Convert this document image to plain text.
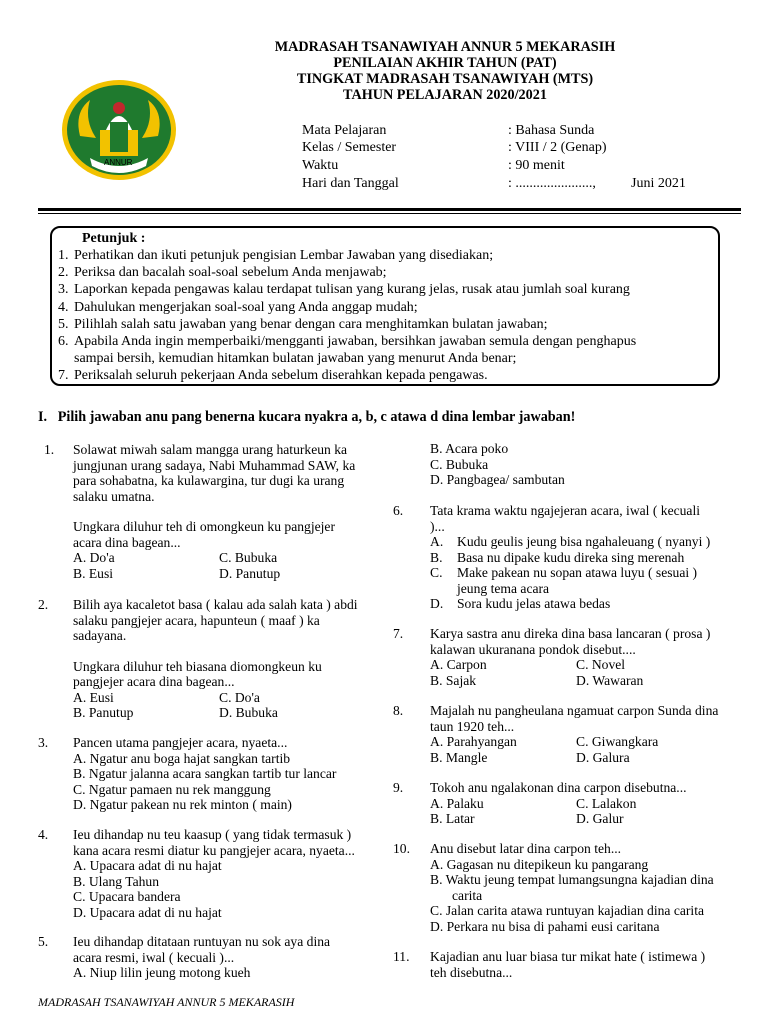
ANNUR
MADRASAH TSANAWIYAH ANNUR 5 MEKARASIH
PENILAIAN AKHIR TAHUN (PAT)
TINGKAT MADRASAH TSANAWIYAH (MTS)
TAHUN PELAJARAN 2020/2021
Mata Pelajaran	: Bahasa Sunda
Kelas / Semester	: VIII / 2 (Genap)
Waktu	: 90 menit
Hari dan Tanggal	: ......................,	Juni 2021
Petunjuk :
1. Perhatikan dan ikuti petunjuk pengisian Lembar Jawaban yang disediakan;
2. Periksa dan bacalah soal-soal sebelum Anda menjawab;
3. Laporkan kepada pengawas kalau terdapat tulisan yang kurang jelas, rusak atau jumlah soal kurang
4. Dahulukan mengerjakan soal-soal yang Anda anggap mudah;
5. Pilihlah salah satu jawaban yang benar dengan cara menghitamkan bulatan jawaban;
6. Apabila Anda ingin memperbaiki/mengganti jawaban, bersihkan jawaban semula dengan penghapus
sampai bersih, kemudian hitamkan bulatan jawaban yang menurut Anda benar;
7. Periksalah seluruh pekerjaan Anda sebelum diserahkan kepada pengawas.
I. Pilih jawaban anu pang benerna kucara nyakra a, b, c atawa d dina lembar jawaban!
1. Solawat miwah salam mangga urang haturkeun ka
jungjunan urang sadaya, Nabi Muhammad SAW, ka
para sohabatna, ka kulawargina, tur dugi ka urang
salaku umatna.
Ungkara diluhur teh di omongkeun ku pangjejer
acara dina bagean...
A. Do'a	C. Bubuka
B. Eusi	D. Panutup
2. Bilih aya kacaletot basa ( kalau ada salah kata ) abdi
salaku pangjejer acara, hapunteun ( maaf ) ka
sadayana.
Ungkara diluhur teh biasana diomongkeun ku
pangjejer acara dina bagean...
A. Eusi	C. Do'a
B. Panutup	D. Bubuka
3. Pancen utama pangjejer acara, nyaeta...
A. Ngatur anu boga hajat sangkan tartib
B. Ngatur jalanna acara sangkan tartib tur lancar
C. Ngatur pamaen nu rek manggung
D. Ngatur pakean nu rek minton ( main)
4. Ieu dihandap nu teu kaasup ( yang tidak termasuk )
kana acara resmi diatur ku pangjejer acara, nyaeta...
A. Upacara adat di nu hajat
B. Ulang Tahun
C. Upacara bandera
D. Upacara adat di nu hajat
5. Ieu dihandap ditataan runtuyan nu sok aya dina
acara resmi, iwal ( kecuali )...
A. Niup lilin jeung motong kueh
B. Acara poko
C. Bubuka
D. Pangbagea/ sambutan
6. Tata krama waktu ngajejeran acara, iwal ( kecuali
)...
A.	Kudu geulis jeung bisa ngahaleuang ( nyanyi )
B.	Basa nu dipake kudu direka sing merenah
C.	Make pakean nu sopan atawa luyu ( sesuai )
jeung tema acara
D.	Sora kudu jelas atawa bedas
7. Karya sastra anu direka dina basa lancaran ( prosa )
kalawan ukuranana pondok disebut....
A. Carpon	C. Novel
B. Sajak	D. Wawaran
8. Majalah nu pangheulana ngamuat carpon Sunda dina
taun 1920 teh...
A. Parahyangan	C. Giwangkara
B. Mangle	D. Galura
9. Tokoh anu ngalakonan dina carpon disebutna...
A. Palaku	C. Lalakon
B. Latar	D. Galur
10. Anu disebut latar dina carpon teh...
A. Gagasan nu ditepikeun ku pangarang
B. Waktu jeung tempat lumangsungna kajadian dina
carita
C. Jalan carita atawa runtuyan kajadian dina carita
D. Perkara nu bisa di pahami eusi caritana
11. Kajadian anu luar biasa tur mikat hate ( istimewa )
teh disebutna...
MADRASAH TSANAWIYAH ANNUR 5 MEKARASIH
